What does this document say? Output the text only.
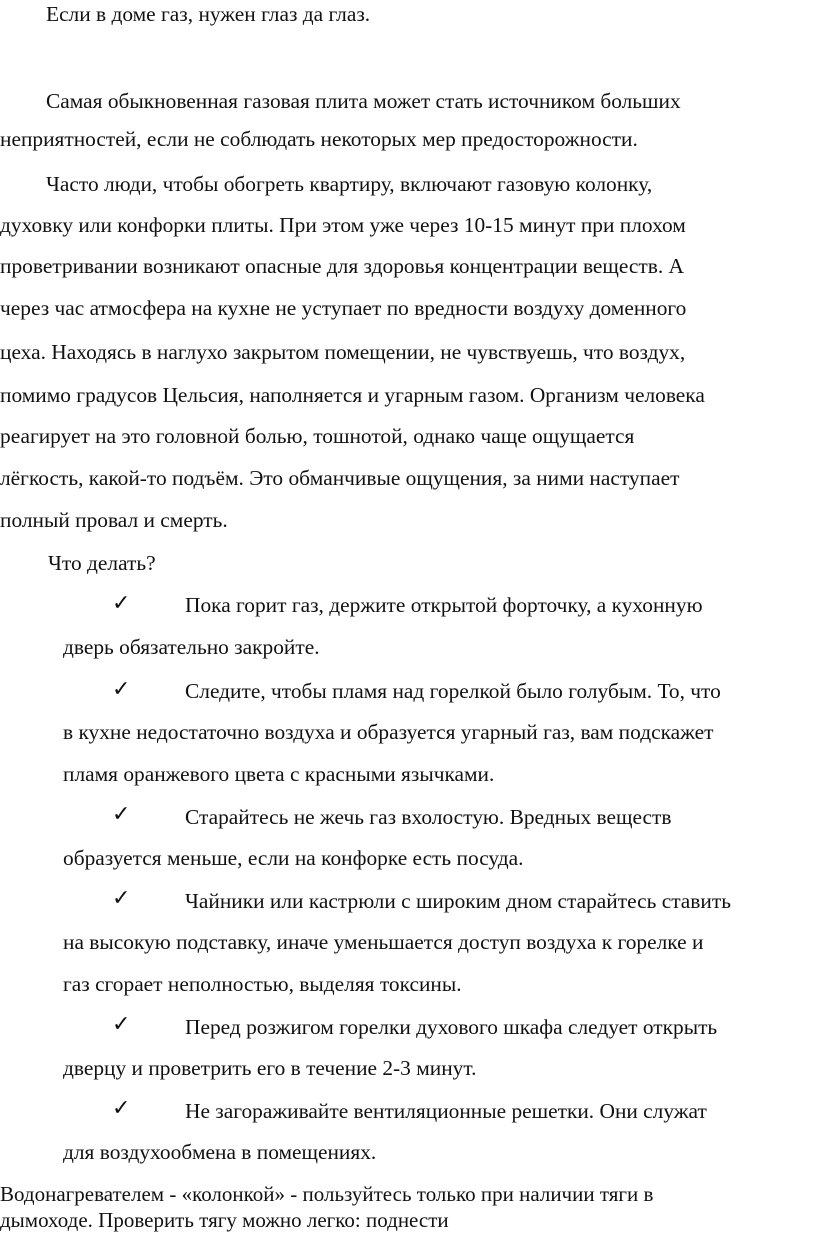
Если в доме газ, нужен глаз да глаз.
Самая обыкновенная газовая плита может стать источником больших
неприятностей, если не соблюдать некоторых мер предосторожности.
Часто люди, чтобы обогреть квартиру, включают газовую колонку,
духовку или конфорки плиты. При этом уже через 10-15 минут при плохом
проветривании возникают опасные для здоровья концентрации веществ. А
через час атмосфера на кухне не уступает по вредности воздуху доменного
цеха. Находясь в наглухо закрытом помещении, не чувствуешь, что воздух,
помимо градусов Цельсия, наполняется и угарным газом. Организм человека
реагирует на это головной болью, тошнотой, однако чаще ощущается
лёгкость, какой-то подъём. Это обманчивые ощущения, за ними наступает
полный провал и смерть.
Что делать?
✓	Пока горит газ, держите открытой форточку, а кухонную
дверь обязательно закройте.
✓	Следите, чтобы пламя над горелкой было голубым. То, что
в кухне недостаточно воздуха и образуется угарный газ, вам подскажет
пламя оранжевого цвета с красными язычками.
✓	Старайтесь не жечь газ вхолостую. Вредных веществ
образуется меньше, если на конфорке есть посуда.
✓	Чайники или кастрюли с широким дном старайтесь ставить
на высокую подставку, иначе уменьшается доступ воздуха к горелке и
газ сгорает неполностью, выделяя токсины.
✓	Перед розжигом горелки духового шкафа следует открыть
дверцу и проветрить его в течение 2-3 минут.
✓	Не загораживайте вентиляционные решетки. Они служат
для воздухообмена в помещениях.
Водонагревателем - «колонкой» - пользуйтесь только при наличии тяги в
дымоходе. Проверить тягу можно легко: поднести
